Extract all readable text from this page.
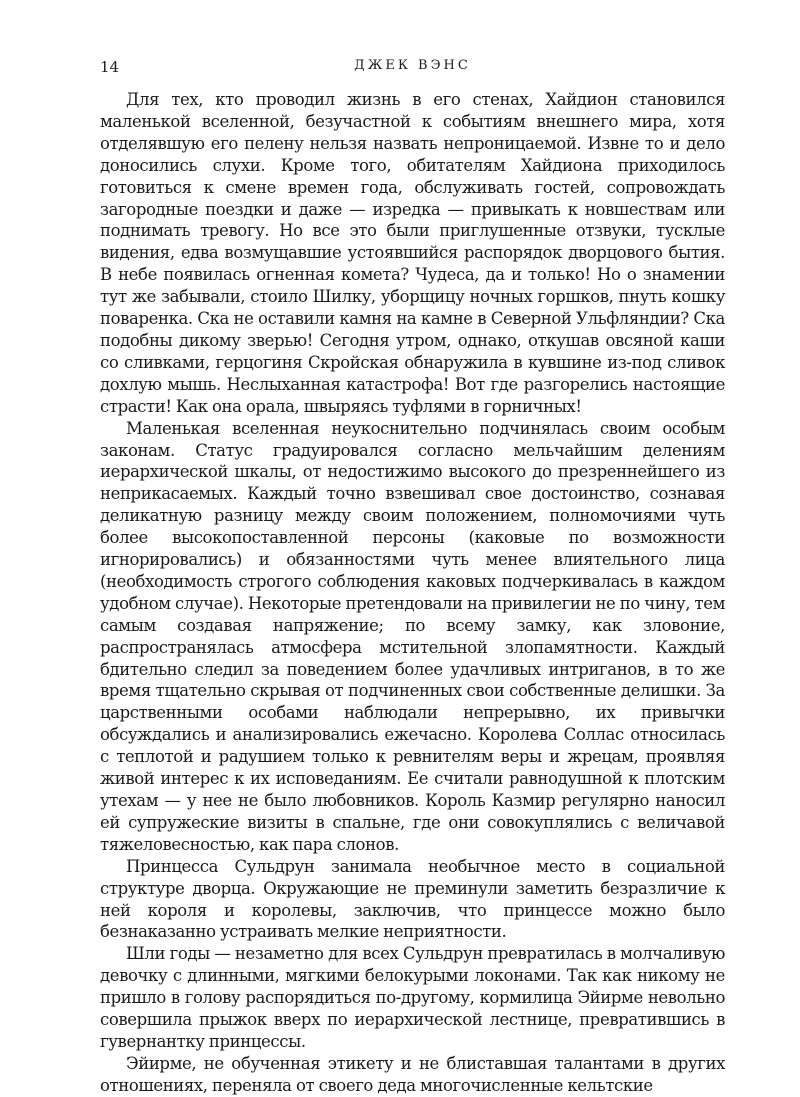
14	ДЖЕК ВЭНС

Для тех, кто проводил жизнь в его стенах, Хайдион становился маленькой вселенной, безучастной к событиям внешнего мира, хотя отделявшую его пелену нельзя назвать непроницаемой. Извне то и дело доносились слухи. Кроме того, обитателям Хайдиона приходилось готовиться к смене времен года, обслуживать гостей, сопровождать загородные поездки и даже — изредка — привыкать к новшествам или поднимать тревогу. Но все это были приглушенные отзвуки, тусклые видения, едва возмущавшие устоявшийся распорядок дворцового бытия. В небе появилась огненная комета? Чудеса, да и только! Но о знамении тут же забывали, стоило Шилку, уборщицу ночных горшков, пнуть кошку поваренка. Ска не оставили камня на камне в Северной Ульфляндии? Ска подобны дикому зверью! Сегодня утром, однако, откушав овсяной каши со сливками, герцогиня Скройская обнаружила в кувшине из-под сливок дохлую мышь. Неслыханная катастрофа! Вот где разгорелись настоящие страсти! Как она орала, швыряясь туфлями в горничных!

Маленькая вселенная неукоснительно подчинялась своим особым законам. Статус градуировался согласно мельчайшим делениям иерархической шкалы, от недостижимо высокого до презреннейшего из неприкасаемых. Каждый точно взвешивал свое достоинство, сознавая деликатную разницу между своим положением, полномочиями чуть более высокопоставленной персоны (каковые по возможности игнорировались) и обязанностями чуть менее влиятельного лица (необходимость строгого соблюдения каковых подчеркивалась в каждом удобном случае). Некоторые претендовали на привилегии не по чину, тем самым создавая напряжение; по всему замку, как зловоние, распространялась атмосфера мстительной злопамятности. Каждый бдительно следил за поведением более удачливых интриганов, в то же время тщательно скрывая от подчиненных свои собственные делишки. За царственными особами наблюдали непрерывно, их привычки обсуждались и анализировались ежечасно. Королева Соллас относилась с теплотой и радушием только к ревнителям веры и жрецам, проявляя живой интерес к их исповеданиям. Ее считали равнодушной к плотским утехам — у нее не было любовников. Король Казмир регулярно наносил ей супружеские визиты в спальне, где они совокуплялись с величавой тяжеловесностью, как пара слонов.

Принцесса Сульдрун занимала необычное место в социальной структуре дворца. Окружающие не преминули заметить безразличие к ней короля и королевы, заключив, что принцессе можно было безнаказанно устраивать мелкие неприятности.

Шли годы — незаметно для всех Сульдрун превратилась в молчаливую девочку с длинными, мягкими белокурыми локонами. Так как никому не пришло в голову распорядиться по-другому, кормилица Эйирме невольно совершила прыжок вверх по иерархической лестнице, превратившись в гувернантку принцессы.

Эйирме, не обученная этикету и не блиставшая талантами в других отношениях, переняла от своего деда многочисленные кельтские
